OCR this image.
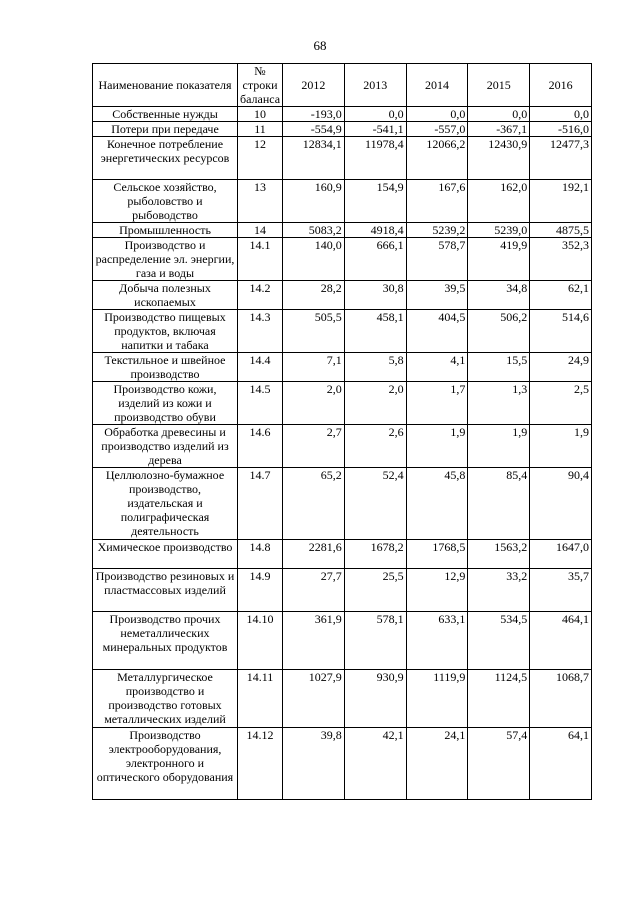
68
Наименование показателя	№ строки баланса	2012	2013	2014	2015	2016
Собственные нужды	10	-193,0	0,0	0,0	0,0	0,0
Потери при передаче	11	-554,9	-541,1	-557,0	-367,1	-516,0
Конечное потребление энергетических ресурсов	12	12834,1	11978,4	12066,2	12430,9	12477,3
Сельское хозяйство, рыболовство и рыбоводство	13	160,9	154,9	167,6	162,0	192,1
Промышленность	14	5083,2	4918,4	5239,2	5239,0	4875,5
Производство и распределение эл. энергии, газа и воды	14.1	140,0	666,1	578,7	419,9	352,3
Добыча полезных ископаемых	14.2	28,2	30,8	39,5	34,8	62,1
Производство пищевых продуктов, включая напитки и табака	14.3	505,5	458,1	404,5	506,2	514,6
Текстильное и швейное производство	14.4	7,1	5,8	4,1	15,5	24,9
Производство кожи, изделий из кожи и производство обуви	14.5	2,0	2,0	1,7	1,3	2,5
Обработка древесины и производство изделий из дерева	14.6	2,7	2,6	1,9	1,9	1,9
Целлюлозно-бумажное производство, издательская и полиграфическая деятельность	14.7	65,2	52,4	45,8	85,4	90,4
Химическое производство	14.8	2281,6	1678,2	1768,5	1563,2	1647,0
Производство резиновых и пластмассовых изделий	14.9	27,7	25,5	12,9	33,2	35,7
Производство прочих неметаллических минеральных продуктов	14.10	361,9	578,1	633,1	534,5	464,1
Металлургическое производство и производство готовых металлических изделий	14.11	1027,9	930,9	1119,9	1124,5	1068,7
Производство электрооборудования, электронного и оптического оборудования	14.12	39,8	42,1	24,1	57,4	64,1
